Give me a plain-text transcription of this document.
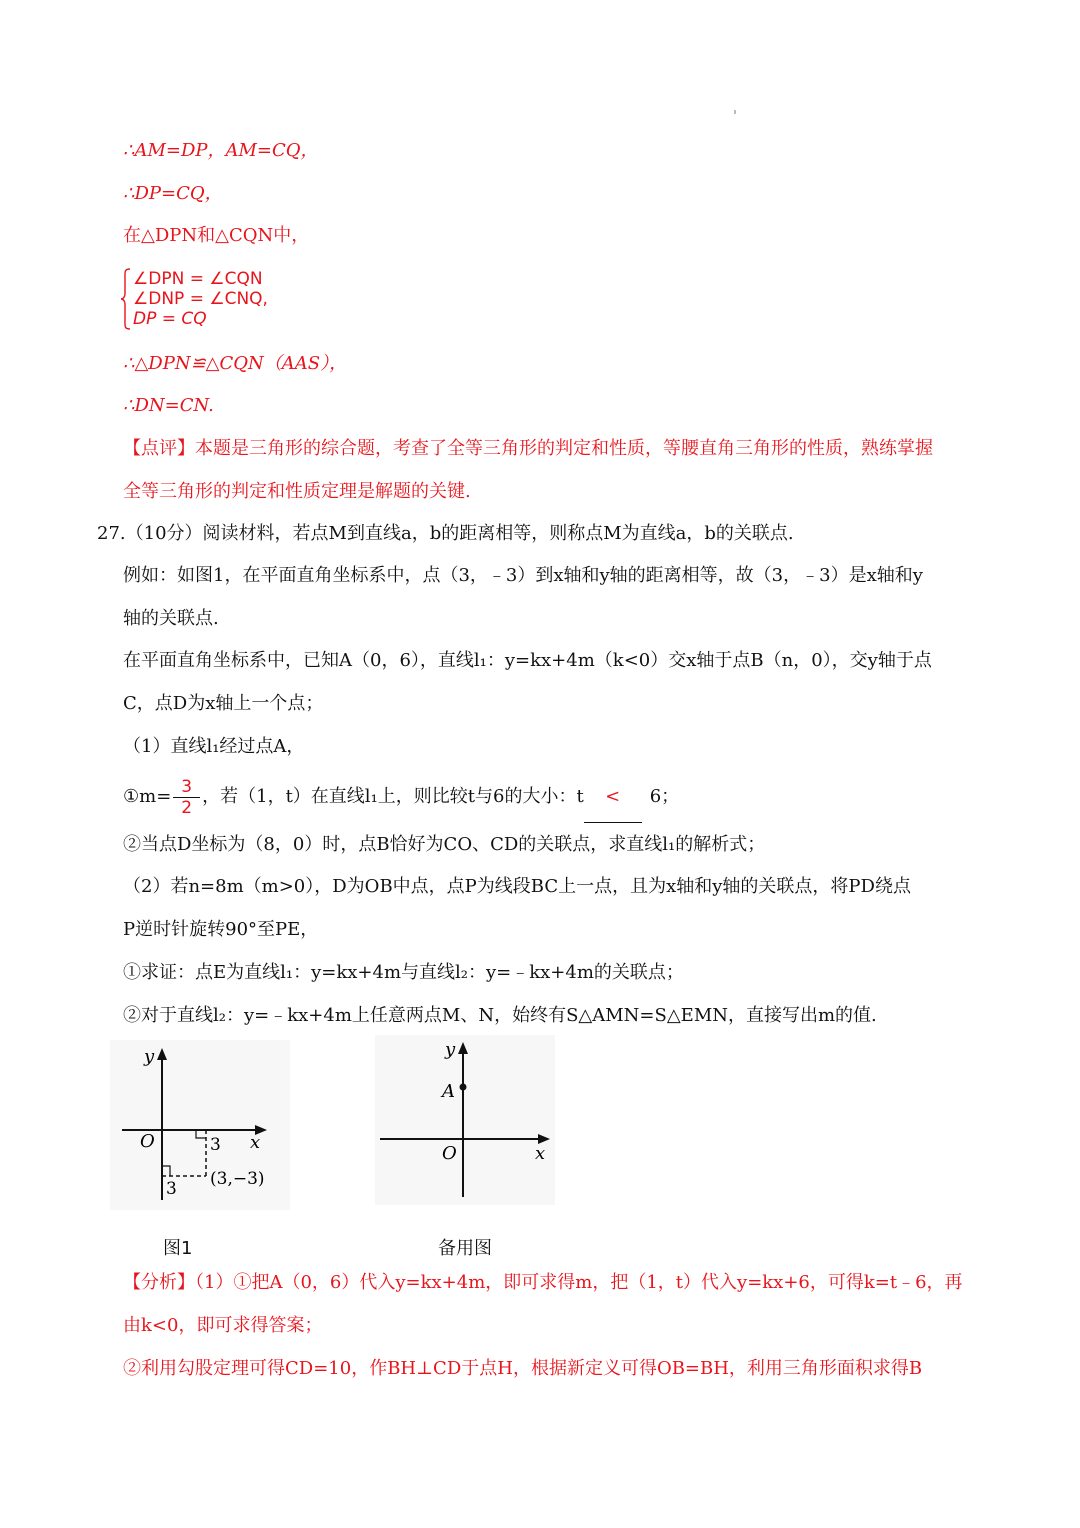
∴AM=DP，AM=CQ，
∴DP=CQ，
在△DPN和△CQN中，
∠DPN = ∠CQN
∠DNP = ∠CNQ,
DP = CQ
∴△DPN≌△CQN（AAS），
∴DN=CN.
【点评】本题是三角形的综合题，考查了全等三角形的判定和性质，等腰直角三角形的性质，熟练掌握
全等三角形的判定和性质定理是解题的关键.
27.（10分）阅读材料，若点M到直线a，b的距离相等，则称点M为直线a，b的关联点.
例如：如图1，在平面直角坐标系中，点（3，﹣3）到x轴和y轴的距离相等，故（3，﹣3）是x轴和y
轴的关联点.
在平面直角坐标系中，已知A（0，6），直线l₁：y=kx+4m（k<0）交x轴于点B（n，0），交y轴于点
C，点D为x轴上一个点；
（1）直线l₁经过点A，
①m= $\frac{3}{2}$ ，若（1，t）在直线l₁上，则比较t与6的大小：t < 6；
②当点D坐标为（8，0）时，点B恰好为CO、CD的关联点，求直线l₁的解析式；
（2）若n=8m（m>0），D为OB中点，点P为线段BC上一点，且为x轴和y轴的关联点，将PD绕点
P逆时针旋转90°至PE，
①求证：点E为直线l₁：y=kx+4m与直线l₂：y=﹣kx+4m的关联点；
②对于直线l₂：y=﹣kx+4m上任意两点M、N，始终有S△AMN=S△EMN，直接写出m的值.
y
O	x
3
3 (3,−3)
图1
y
A
O	x
备用图
【分析】（1）①把A（0，6）代入y=kx+4m，即可求得m，把（1，t）代入y=kx+6，可得k=t﹣6，再
由k<0，即可求得答案；
②利用勾股定理可得CD=10，作BH⊥CD于点H，根据新定义可得OB=BH，利用三角形面积求得B
